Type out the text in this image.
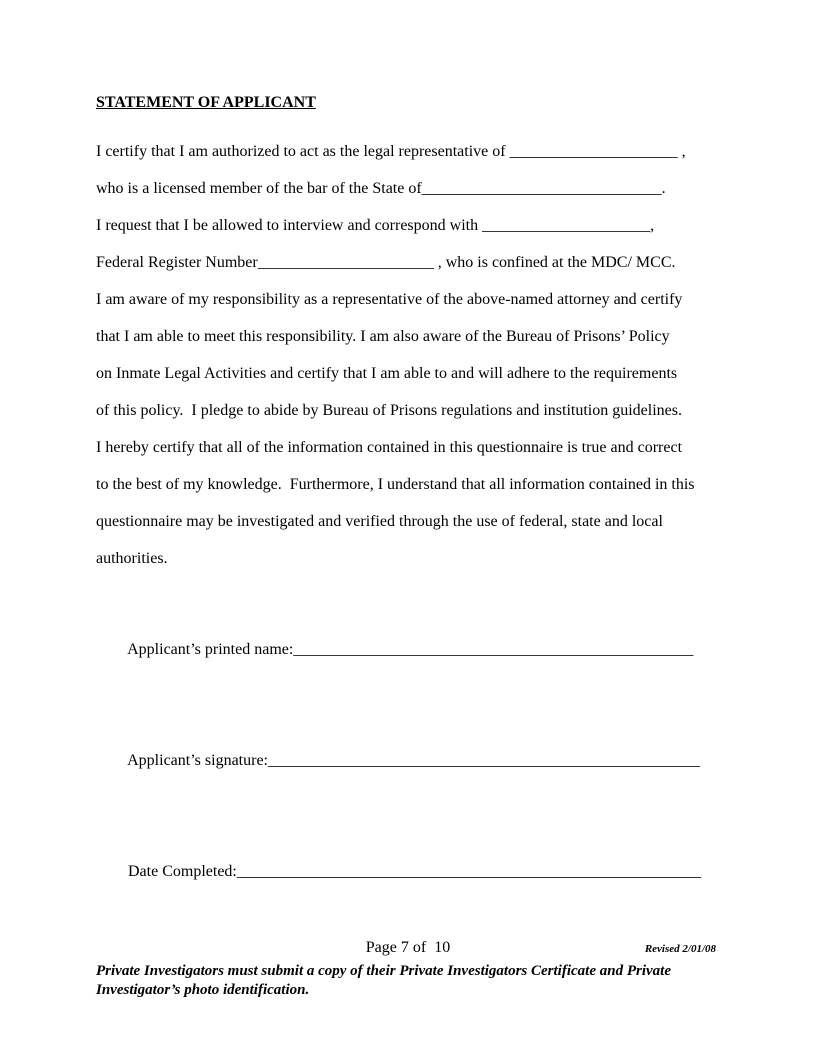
STATEMENT OF APPLICANT
I certify that I am authorized to act as the legal representative of _____________________ ,
who is a licensed member of the bar of the State of______________________________.
I request that I be allowed to interview and correspond with _____________________,
Federal Register Number______________________ , who is confined at the MDC/ MCC.
I am aware of my responsibility as a representative of the above-named attorney and certify
that I am able to meet this responsibility. I am also aware of the Bureau of Prisons’ Policy
on Inmate Legal Activities and certify that I am able to and will adhere to the requirements
of this policy.  I pledge to abide by Bureau of Prisons regulations and institution guidelines.
I hereby certify that all of the information contained in this questionnaire is true and correct
to the best of my knowledge.  Furthermore, I understand that all information contained in this
questionnaire may be investigated and verified through the use of federal, state and local
authorities.

Applicant’s printed name:__________________________________________________

Applicant’s signature:______________________________________________________

Date Completed:__________________________________________________________

Private Investigators must submit a copy of their Private Investigators Certificate and Private
Investigator’s photo identification.
Page 7 of  10	Revised 2/01/08
